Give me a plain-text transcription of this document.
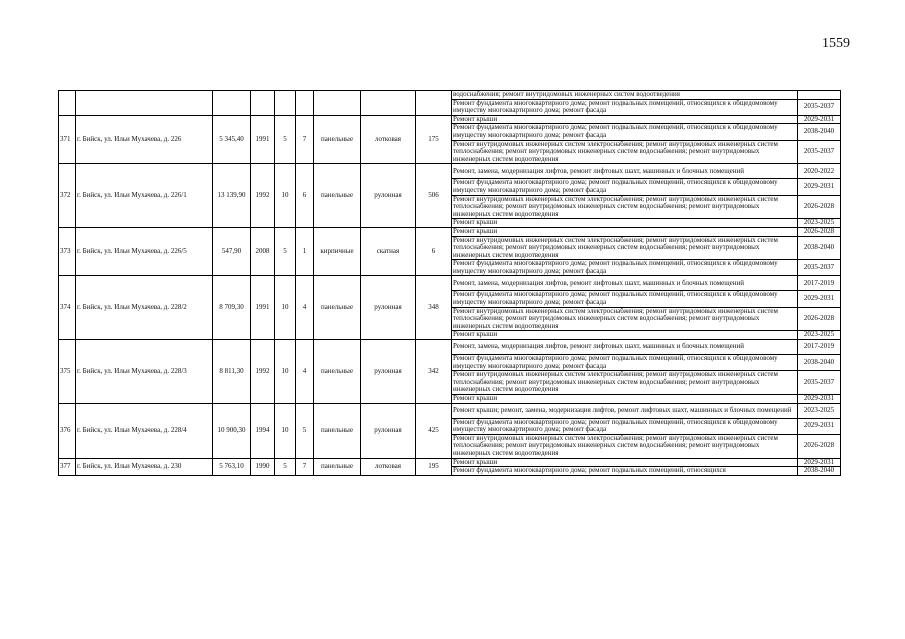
1559
									водоснабжения; ремонт внутридомовых инженерных систем водоотведения	
									Ремонт фундамента многоквартирного дома; ремонт подвальных помещений, относящихся к общедомовому имуществу многоквартирного дома; ремонт фасада	2035-2037
371	г. Бийск, ул. Ильи Мухачева, д. 226	5 345,40	1991	5	7	панельные	лотковая	175	Ремонт крыши	2029-2031
									Ремонт фундамента многоквартирного дома; ремонт подвальных помещений, относящихся к общедомовому имуществу многоквартирного дома; ремонт фасада	2038-2040
									Ремонт внутридомовых инженерных систем электроснабжения; ремонт внутридомовых инженерных систем теплоснабжения; ремонт внутридомовых инженерных систем водоснабжения; ремонт внутридомовых инженерных систем водоотведения	2035-2037
372	г. Бийск, ул. Ильи Мухачева, д. 226/1	13 139,90	1992	10	6	панельные	рулонная	506	Ремонт, замена, модернизация лифтов, ремонт лифтовых шахт, машинных и блочных помещений	2020-2022
									Ремонт фундамента многоквартирного дома; ремонт подвальных помещений, относящихся к общедомовому имуществу многоквартирного дома; ремонт фасада	2029-2031
									Ремонт внутридомовых инженерных систем электроснабжения; ремонт внутридомовых инженерных систем теплоснабжения; ремонт внутридомовых инженерных систем водоснабжения; ремонт внутридомовых инженерных систем водоотведения	2026-2028
									Ремонт крыши	2023-2025
373	г. Бийск, ул. Ильи Мухачева, д. 226/5	547,90	2008	5	1	кирпичные	скатная	6	Ремонт крыши	2026-2028
									Ремонт внутридомовых инженерных систем электроснабжения; ремонт внутридомовых инженерных систем теплоснабжения; ремонт внутридомовых инженерных систем водоснабжения; ремонт внутридомовых инженерных систем водоотведения	2038-2040
									Ремонт фундамента многоквартирного дома; ремонт подвальных помещений, относящихся к общедомовому имуществу многоквартирного дома; ремонт фасада	2035-2037
374	г. Бийск, ул. Ильи Мухачева, д. 228/2	8 709,30	1991	10	4	панельные	рулонная	348	Ремонт, замена, модернизация лифтов, ремонт лифтовых шахт, машинных и блочных помещений	2017-2019
									Ремонт фундамента многоквартирного дома; ремонт подвальных помещений, относящихся к общедомовому имуществу многоквартирного дома; ремонт фасада	2029-2031
									Ремонт внутридомовых инженерных систем электроснабжения; ремонт внутридомовых инженерных систем теплоснабжения; ремонт внутридомовых инженерных систем водоснабжения; ремонт внутридомовых инженерных систем водоотведения	2026-2028
									Ремонт крыши	2023-2025
375	г. Бийск, ул. Ильи Мухачева, д. 228/3	8 811,30	1992	10	4	панельные	рулонная	342	Ремонт, замена, модернизация лифтов, ремонт лифтовых шахт, машинных и блочных помещений	2017-2019
									Ремонт фундамента многоквартирного дома; ремонт подвальных помещений, относящихся к общедомовому имуществу многоквартирного дома; ремонт фасада	2038-2040
									Ремонт внутридомовых инженерных систем электроснабжения; ремонт внутридомовых инженерных систем теплоснабжения; ремонт внутридомовых инженерных систем водоснабжения; ремонт внутридомовых инженерных систем водоотведения	2035-2037
									Ремонт крыши	2029-2031
376	г. Бийск, ул. Ильи Мухачева, д. 228/4	10 900,30	1994	10	5	панельные	рулонная	425	Ремонт крыши; ремонт, замена, модернизация лифтов, ремонт лифтовых шахт, машинных и блочных помещений	2023-2025
									Ремонт фундамента многоквартирного дома; ремонт подвальных помещений, относящихся к общедомовому имуществу многоквартирного дома; ремонт фасада	2029-2031
									Ремонт внутридомовых инженерных систем электроснабжения; ремонт внутридомовых инженерных систем теплоснабжения; ремонт внутридомовых инженерных систем водоснабжения; ремонт внутридомовых инженерных систем водоотведения	2026-2028
377	г. Бийск, ул. Ильи Мухачева, д. 230	5 763,10	1990	5	7	панельные	лотковая	195	Ремонт крыши	2029-2031
									Ремонт фундамента многоквартирного дома; ремонт подвальных помещений, относящихся	2038-2040
